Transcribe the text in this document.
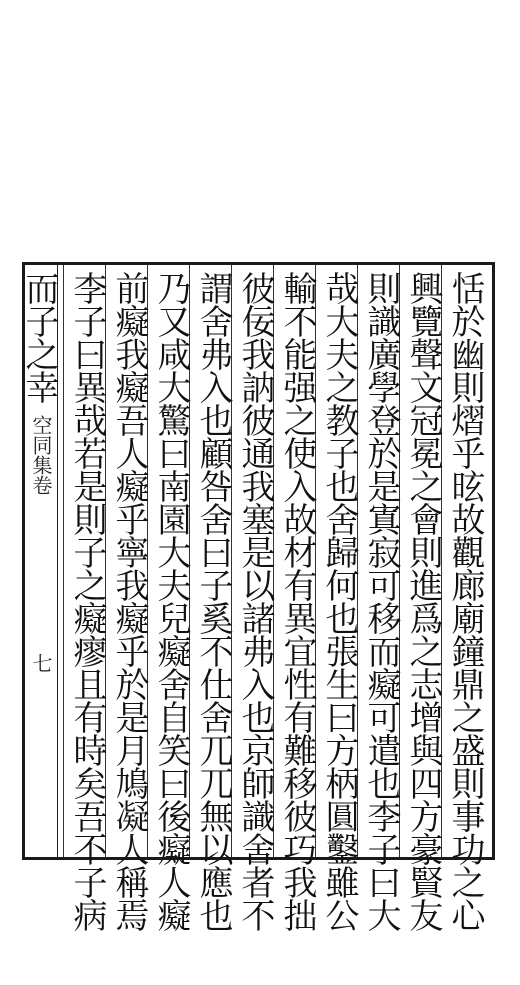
空同集卷
七	恬於幽則熠乎昡故觀廊廟鐘鼎之盛則事功之心
興覽聲文冠冕之會則進爲之志增與四方豪賢友
則識廣學登於是寘寂可移而癡可遣也李子曰大
哉大夫之教子也舍歸何也張生曰方柄圓鑿雖公
輸不能强之使入故材有異宜性有難移彼巧我拙
彼佞我訥彼通我塞是以諸弗入也京師識舍者不
謂舍弗入也顧咎舍曰子奚不仕舍兀兀無以應也
乃又咸大驚曰南園大夫兒癡舍自笑曰後癡人癡
前癡我癡吾人癡乎寧我癡乎於是月鳩凝人稱焉
李子曰異哉若是則子之癡瘳且有時矣吾不子病
而子之幸
